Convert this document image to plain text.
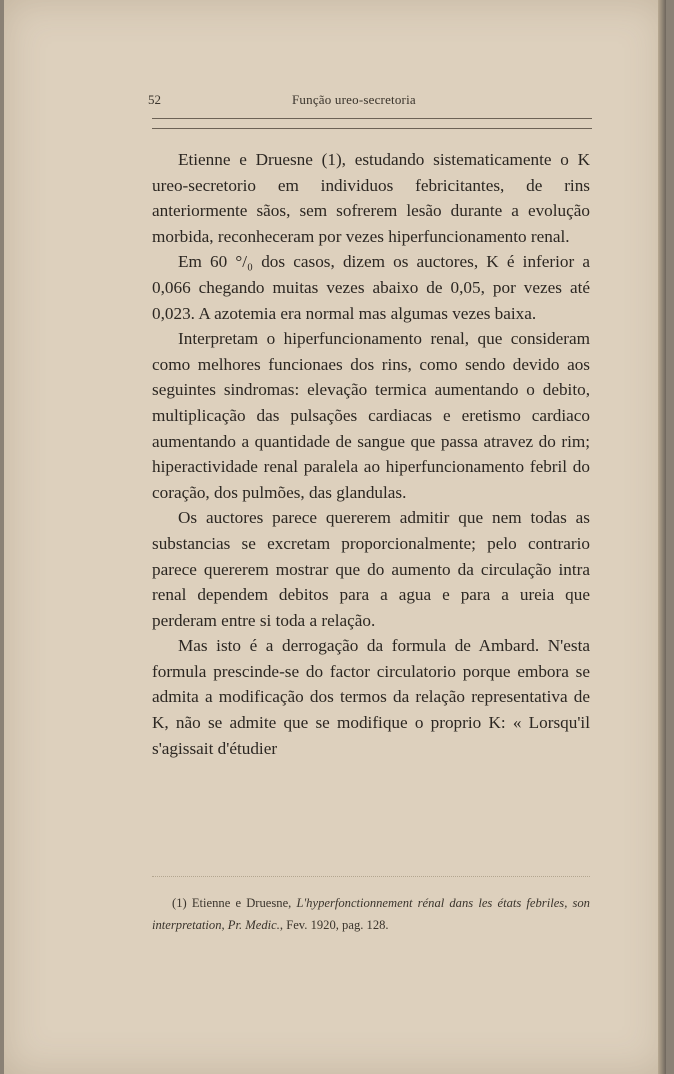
52	Função ureo-secretoria

Etienne e Druesne (1), estudando sistematicamente o K ureo-secretorio em individuos febricitantes, de rins anteriormente sãos, sem sofrerem lesão durante a evolução morbida, reconheceram por vezes hiperfuncionamento renal.

Em 60 °/₀ dos casos, dizem os auctores, K é inferior a 0,066 chegando muitas vezes abaixo de 0,05, por vezes até 0,023. A azotemia era normal mas algumas vezes baixa.

Interpretam o hiperfuncionamento renal, que consideram como melhores funcionaes dos rins, como sendo devido aos seguintes sindromas: elevação termica aumentando o debito, multiplicação das pulsações cardiacas e eretismo cardiaco aumentando a quantidade de sangue que passa atravez do rim; hiperactividade renal paralela ao hiperfuncionamento febril do coração, dos pulmões, das glandulas.

Os auctores parece quererem admitir que nem todas as substancias se excretam proporcionalmente; pelo contrario parece quererem mostrar que do aumento da circulação intra renal dependem debitos para a agua e para a ureia que perderam entre si toda a relação.

Mas isto é a derrogação da formula de Ambard. N'esta formula prescinde-se do factor circulatorio porque embora se admita a modificação dos termos da relação representativa de K, não se admite que se modifique o proprio K: « Lorsqu'il s'agissait d'étudier

(1) Etienne e Druesne, L'hyperfonctionnement rénal dans les états febriles, son interpretation, Pr. Medic., Fev. 1920, pag. 128.
